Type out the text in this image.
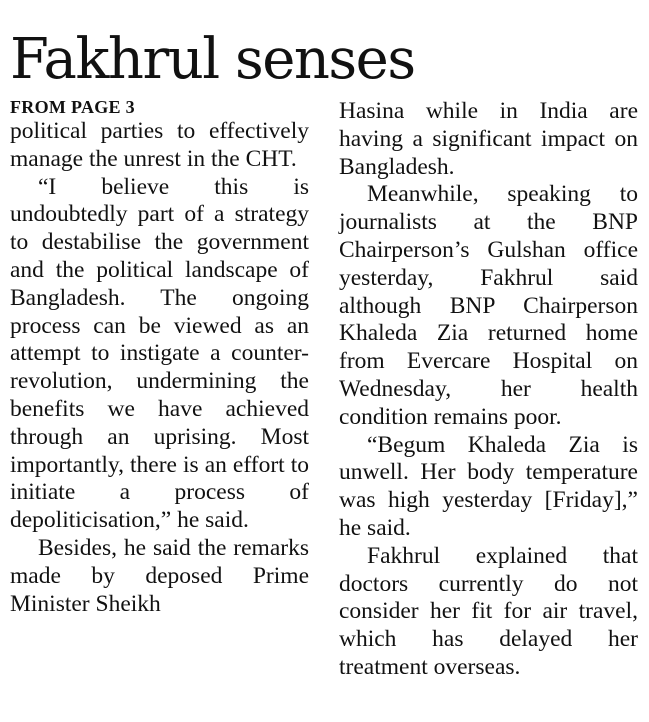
Fakhrul senses
FROM PAGE 3

political parties to effectively manage the unrest in the CHT.

“I believe this is undoubtedly part of a strategy to destabilise the government and the political landscape of Bangladesh. The ongoing process can be viewed as an attempt to instigate a counter-revolution, undermining the benefits we have achieved through an uprising. Most importantly, there is an effort to initiate a process of depoliticisation,” he said.

Besides, he said the remarks made by deposed Prime Minister Sheikh

Hasina while in India are having a significant impact on Bangladesh.

Meanwhile, speaking to journalists at the BNP Chairperson’s Gulshan office yesterday, Fakhrul said although BNP Chairperson Khaleda Zia returned home from Evercare Hospital on Wednesday, her health condition remains poor.

“Begum Khaleda Zia is unwell. Her body temperature was high yesterday [Friday],” he said.

Fakhrul explained that doctors currently do not consider her fit for air travel, which has delayed her treatment overseas.
